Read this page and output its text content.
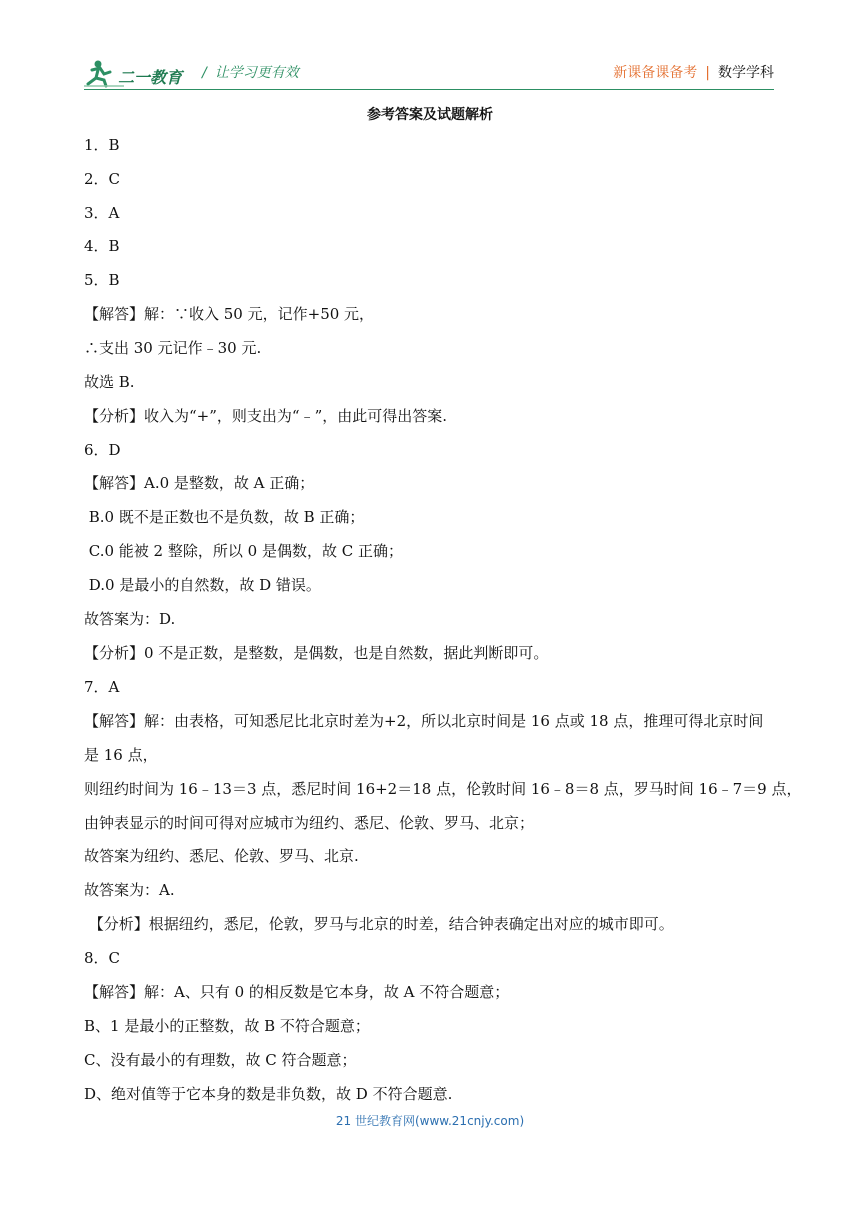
二一教育 / 让学习更有效	新课备课备考 | 数学学科
参考答案及试题解析
1．B
2．C
3．A
4．B
5．B
【解答】解：∵收入 50 元，记作+50 元，
∴支出 30 元记作﹣30 元.
故选 B.
【分析】收入为“+”，则支出为“﹣”，由此可得出答案.
6．D
【解答】A.0 是整数，故 A 正确；
B.0 既不是正数也不是负数，故 B 正确；
C.0 能被 2 整除，所以 0 是偶数，故 C 正确；
D.0 是最小的自然数，故 D 错误。
故答案为：D.
【分析】0 不是正数，是整数，是偶数，也是自然数，据此判断即可。
7．A
【解答】解：由表格，可知悉尼比北京时差为+2，所以北京时间是 16 点或 18 点，推理可得北京时间
是 16 点，
则纽约时间为 16﹣13＝3 点，悉尼时间 16+2＝18 点，伦敦时间 16﹣8＝8 点，罗马时间 16﹣7＝9 点，
由钟表显示的时间可得对应城市为纽约、悉尼、伦敦、罗马、北京；
故答案为纽约、悉尼、伦敦、罗马、北京.
故答案为：A.
【分析】根据纽约，悉尼，伦敦，罗马与北京的时差，结合钟表确定出对应的城市即可。
8．C
【解答】解：A、只有 0 的相反数是它本身，故 A 不符合题意；
B、1 是最小的正整数，故 B 不符合题意；
C、没有最小的有理数，故 C 符合题意；
D、绝对值等于它本身的数是非负数，故 D 不符合题意.
21 世纪教育网(www.21cnjy.com)
